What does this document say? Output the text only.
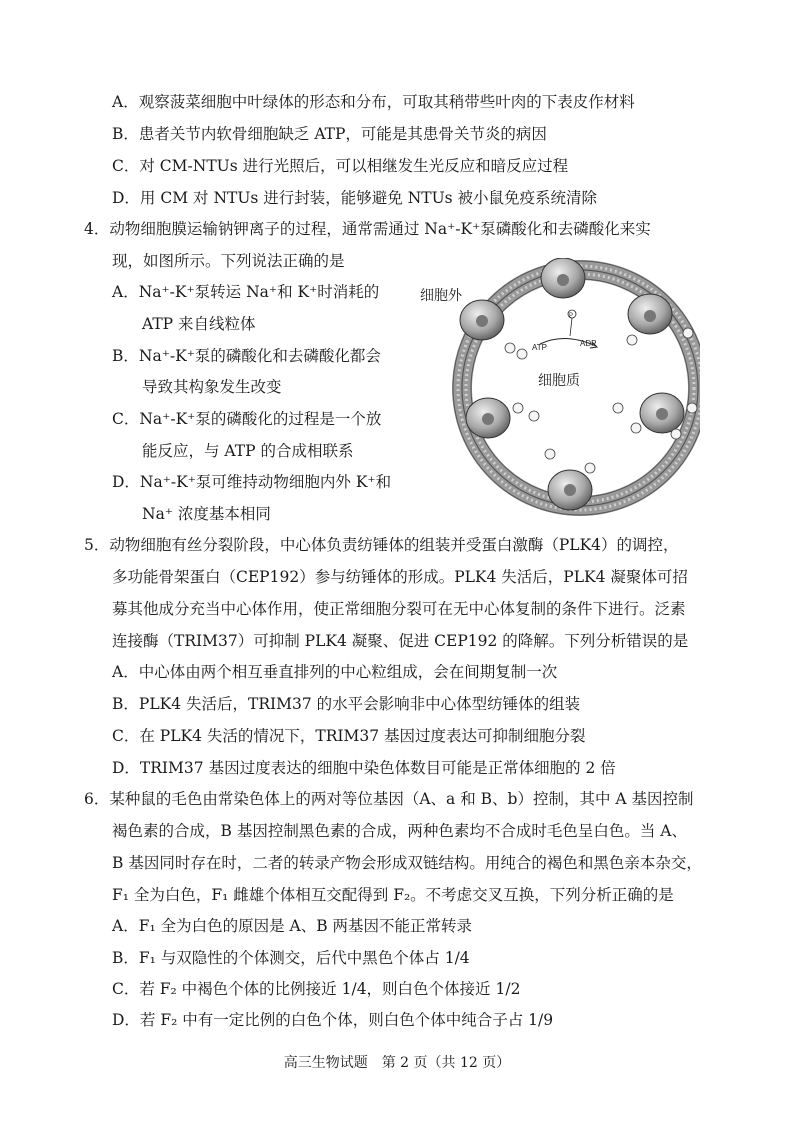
A．观察菠菜细胞中叶绿体的形态和分布，可取其稍带些叶肉的下表皮作材料
B．患者关节内软骨细胞缺乏 ATP，可能是其患骨关节炎的病因
C．对 CM-NTUs 进行光照后，可以相继发生光反应和暗反应过程
D．用 CM 对 NTUs 进行封装，能够避免 NTUs 被小鼠免疫系统清除
4．动物细胞膜运输钠钾离子的过程，通常需通过 Na⁺-K⁺泵磷酸化和去磷酸化来实
现，如图所示。下列说法正确的是
A．Na⁺-K⁺泵转运 Na⁺和 K⁺时消耗的
ATP 来自线粒体
B．Na⁺-K⁺泵的磷酸化和去磷酸化都会
导致其构象发生改变
C．Na⁺-K⁺泵的磷酸化的过程是一个放
能反应，与 ATP 的合成相联系
D．Na⁺-K⁺泵可维持动物细胞内外 K⁺和
Na⁺ 浓度基本相同
细胞外
细胞质
ATP	ADP
P
5．动物细胞有丝分裂阶段，中心体负责纺锤体的组装并受蛋白激酶（PLK4）的调控，
多功能骨架蛋白（CEP192）参与纺锤体的形成。PLK4 失活后，PLK4 凝聚体可招
募其他成分充当中心体作用，使正常细胞分裂可在无中心体复制的条件下进行。泛素
连接酶（TRIM37）可抑制 PLK4 凝聚、促进 CEP192 的降解。下列分析错误的是
A．中心体由两个相互垂直排列的中心粒组成，会在间期复制一次
B．PLK4 失活后，TRIM37 的水平会影响非中心体型纺锤体的组装
C．在 PLK4 失活的情况下，TRIM37 基因过度表达可抑制细胞分裂
D．TRIM37 基因过度表达的细胞中染色体数目可能是正常体细胞的 2 倍
6．某种鼠的毛色由常染色体上的两对等位基因（A、a 和 B、b）控制，其中 A 基因控制
褐色素的合成，B 基因控制黑色素的合成，两种色素均不合成时毛色呈白色。当 A、
B 基因同时存在时，二者的转录产物会形成双链结构。用纯合的褐色和黑色亲本杂交，
F₁ 全为白色，F₁ 雌雄个体相互交配得到 F₂。不考虑交叉互换，下列分析正确的是
A．F₁ 全为白色的原因是 A、B 两基因不能正常转录
B．F₁ 与双隐性的个体测交，后代中黑色个体占 1/4
C．若 F₂ 中褐色个体的比例接近 1/4，则白色个体接近 1/2
D．若 F₂ 中有一定比例的白色个体，则白色个体中纯合子占 1/9
高三生物试题　第 2 页（共 12 页）
